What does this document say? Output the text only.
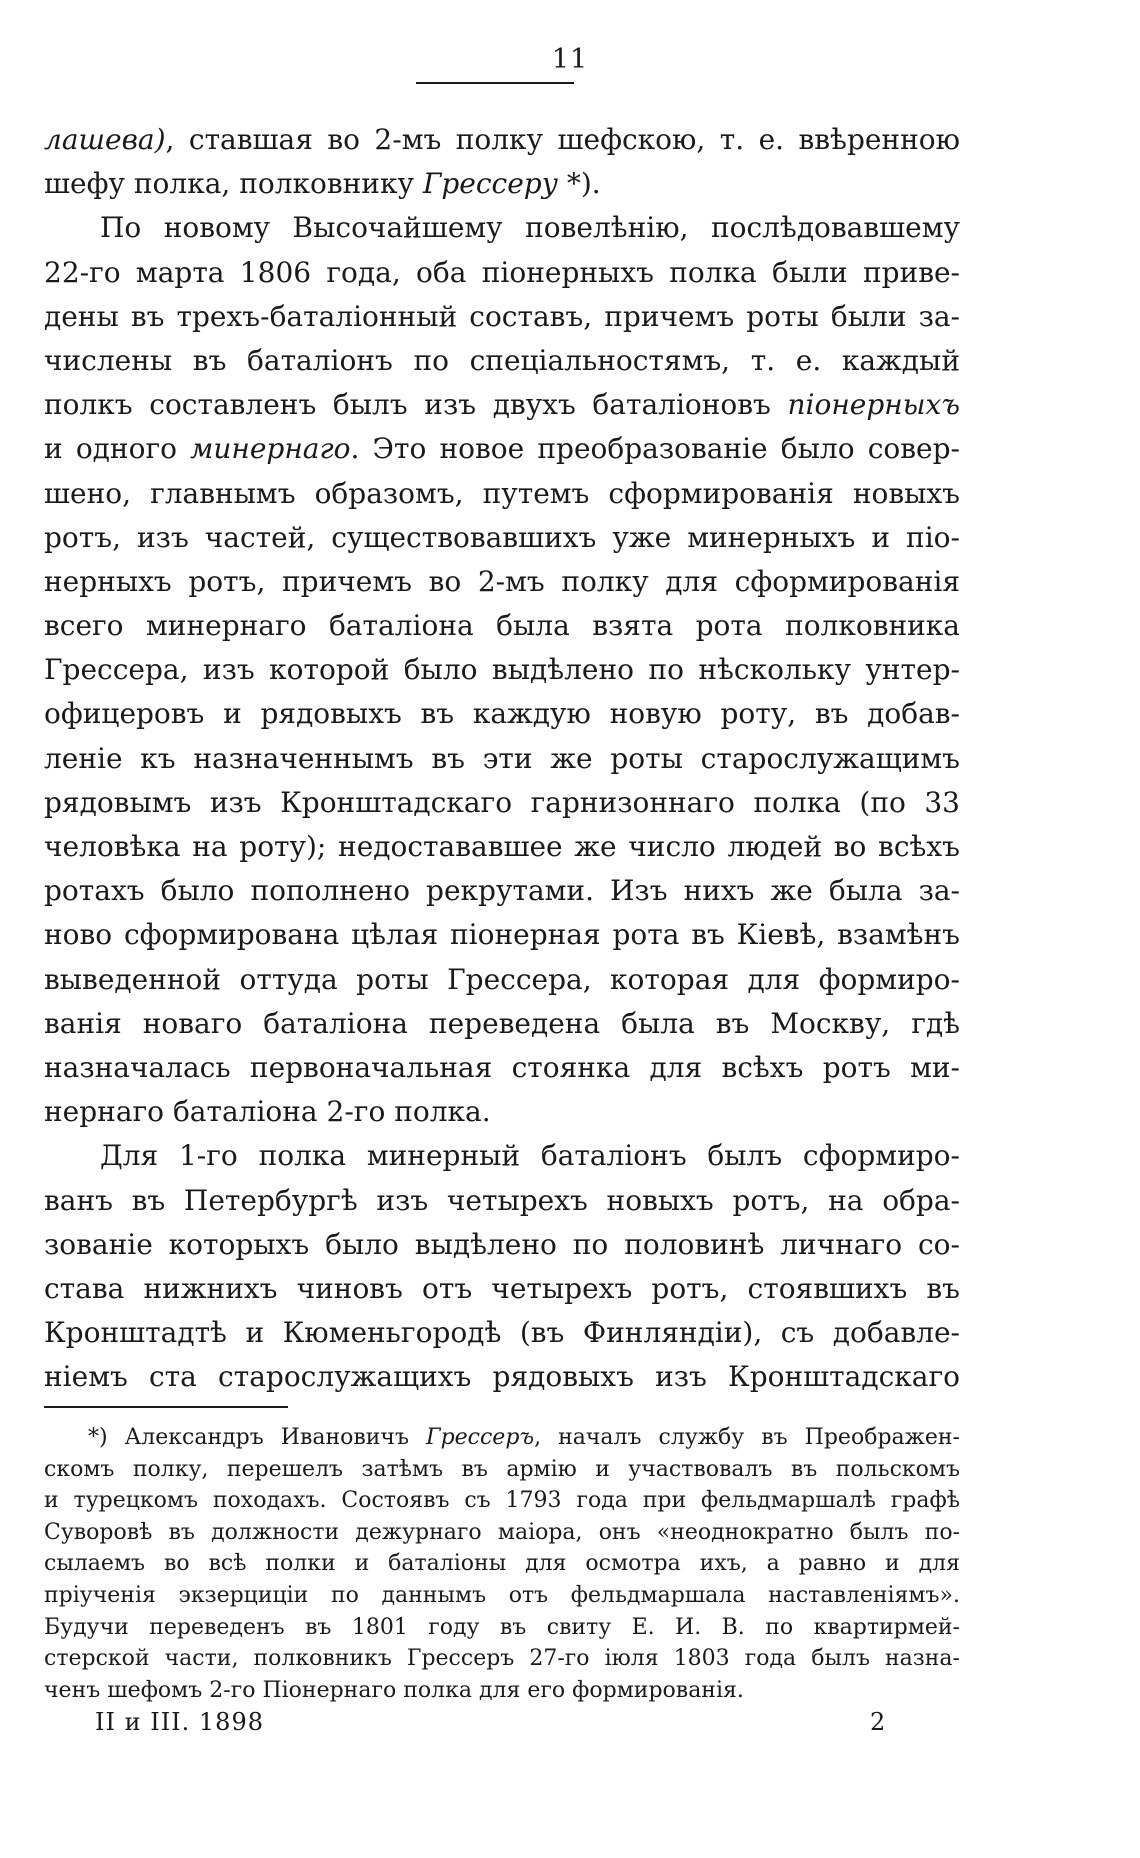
11
лашева), ставшая во 2-мъ полку шефскою, т. е. ввѣренною
шефу полка, полковнику Грессеру *).
По новому Высочайшему повелѣнію, послѣдовавшему
22-го марта 1806 года, оба піонерныхъ полка были приве-
дены въ трехъ-баталіонный составъ, причемъ роты были за-
числены въ баталіонъ по спеціальностямъ, т. е. каждый
полкъ составленъ былъ изъ двухъ баталіоновъ піонерныхъ
и одного минернаго. Это новое преобразованіе было совер-
шено, главнымъ образомъ, путемъ сформированія новыхъ
ротъ, изъ частей, существовавшихъ уже минерныхъ и піо-
нерныхъ ротъ, причемъ во 2-мъ полку для сформированія
всего минернаго баталіона была взята рота полковника
Грессера, изъ которой было выдѣлено по нѣскольку унтер-
офицеровъ и рядовыхъ въ каждую новую роту, въ добав-
леніе къ назначеннымъ въ эти же роты старослужащимъ
рядовымъ изъ Кронштадскаго гарнизоннаго полка (по 33
человѣка на роту); недостававшее же число людей во всѣхъ
ротахъ было пополнено рекрутами. Изъ нихъ же была за-
ново сформирована цѣлая піонерная рота въ Кіевѣ, взамѣнъ
выведенной оттуда роты Грессера, которая для формиро-
ванія новаго баталіона переведена была въ Москву, гдѣ
назначалась первоначальная стоянка для всѣхъ ротъ ми-
нернаго баталіона 2-го полка.
Для 1-го полка минерный баталіонъ былъ сформиро-
ванъ въ Петербургѣ изъ четырехъ новыхъ ротъ, на обра-
зованіе которыхъ было выдѣлено по половинѣ личнаго со-
става нижнихъ чиновъ отъ четырехъ ротъ, стоявшихъ въ
Кронштадтѣ и Кюменьгородѣ (въ Финляндіи), съ добавле-
ніемъ ста старослужащихъ рядовыхъ изъ Кронштадскаго
*) Александръ Ивановичъ Грессеръ, началъ службу въ Преображен-
скомъ полку, перешелъ затѣмъ въ армію и участвовалъ въ польскомъ
и турецкомъ походахъ. Состоявъ съ 1793 года при фельдмаршалѣ графѣ
Суворовѣ въ должности дежурнаго маіора, онъ «неоднократно былъ по-
сылаемъ во всѣ полки и баталіоны для осмотра ихъ, а равно и для
пріученія экзерциціи по даннымъ отъ фельдмаршала наставленіямъ».
Будучи переведенъ въ 1801 году въ свиту Е. И. В. по квартирмей-
стерской части, полковникъ Грессеръ 27-го іюля 1803 года былъ назна-
ченъ шефомъ 2-го Піонернаго полка для его формированія.
II и III. 1898	2
